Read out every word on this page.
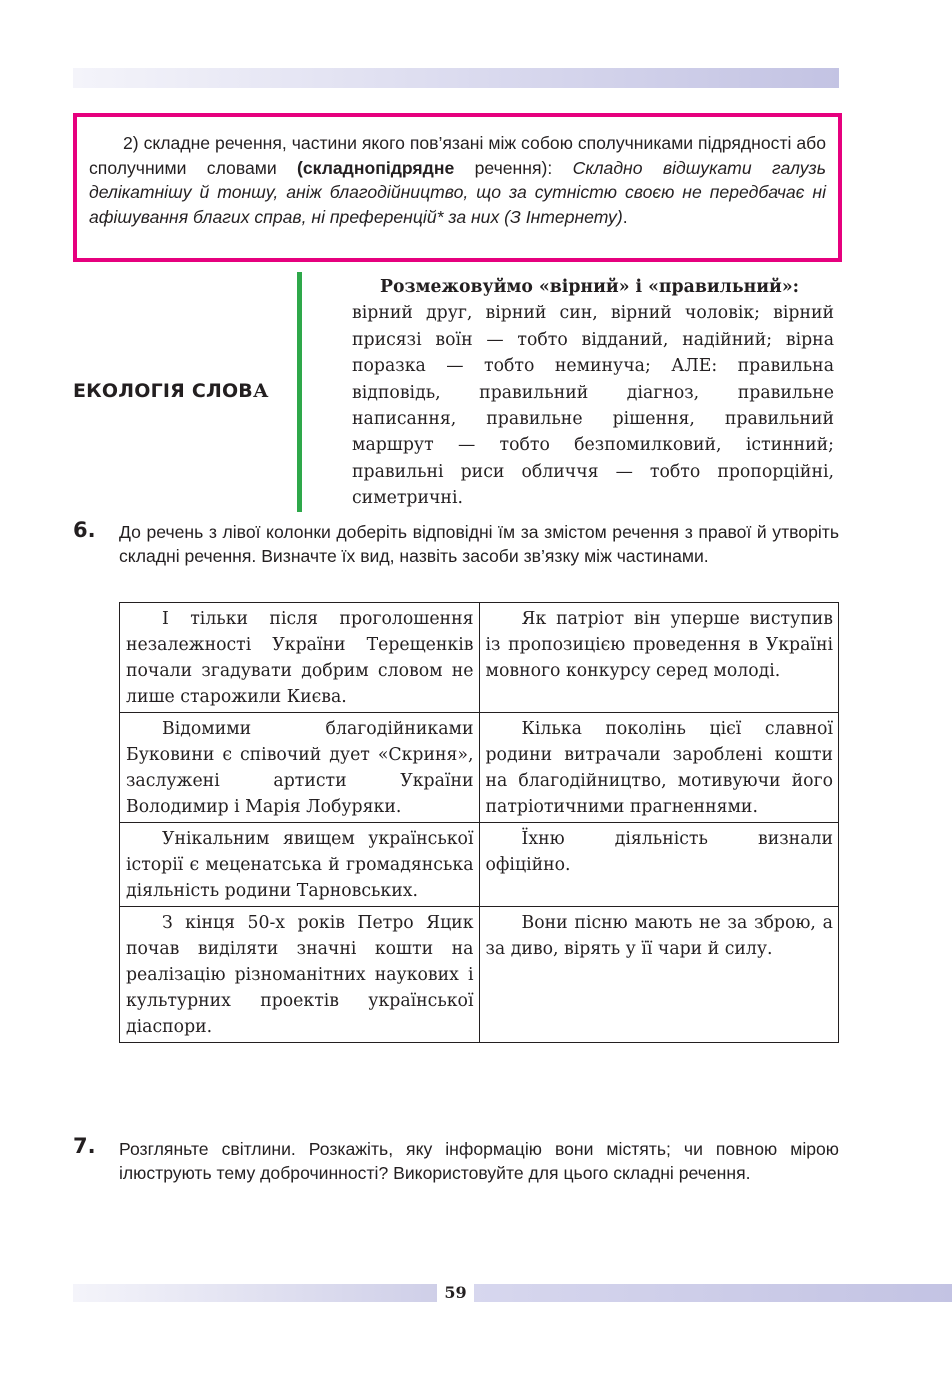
2) складне речення, частини якого пов’язані між собою сполучниками підрядності або сполучними словами (складнопідрядне речення): Складно відшукати галузь делікатнішу й тоншу, аніж благодійництво, що за сутністю своєю не передбачає ні афішування благих справ, ні преференцій* за них (З Інтернету).

ЕКОЛОГІЯ СЛОВА

Розмежовуймо «вірний» і «правильний»: вірний друг, вірний син, вірний чоловік; вірний присязі воїн — тобто відданий, надійний; вірна поразка — тобто неминуча; АЛЕ: правильна відповідь, правильний діагноз, правильне написання, правильне рішення, правильний маршрут — тобто безпомилковий, істинний; правильні риси обличчя — тобто пропорційні, симетричні.

6. До речень з лівої колонки доберіть відповідні їм за змістом речення з правої й утворіть складні речення. Визначте їх вид, назвіть засоби зв’язку між частинами.

І тільки після проголошення незалежності України Терещенків почали згадувати добрим словом не лише старожили Києва.	Як патріот він уперше виступив із пропозицією проведення в Україні мовного конкурсу серед молоді.

Відомими благодійниками Буковини є співочий дует «Скриня», заслужені артисти України Володимир і Марія Лобуряки.	Кілька поколінь цієї славної родини витрачали зароблені кошти на благодійництво, мотивуючи його патріотичними прагненнями.

Унікальним явищем української історії є меценатська й громадянська діяльність родини Тарновських.	Їхню діяльність визнали офіційно.

З кінця 50-х років Петро Яцик почав виділяти значні кошти на реалізацію різноманітних наукових і культурних проектів української діаспори.	Вони пісню мають не за зброю, а за диво, вірять у її чари й силу.
7. Розгляньте світлини. Розкажіть, яку інформацію вони містять; чи повною мірою ілюструють тему доброчинності? Використовуйте для цього складні речення.

59
